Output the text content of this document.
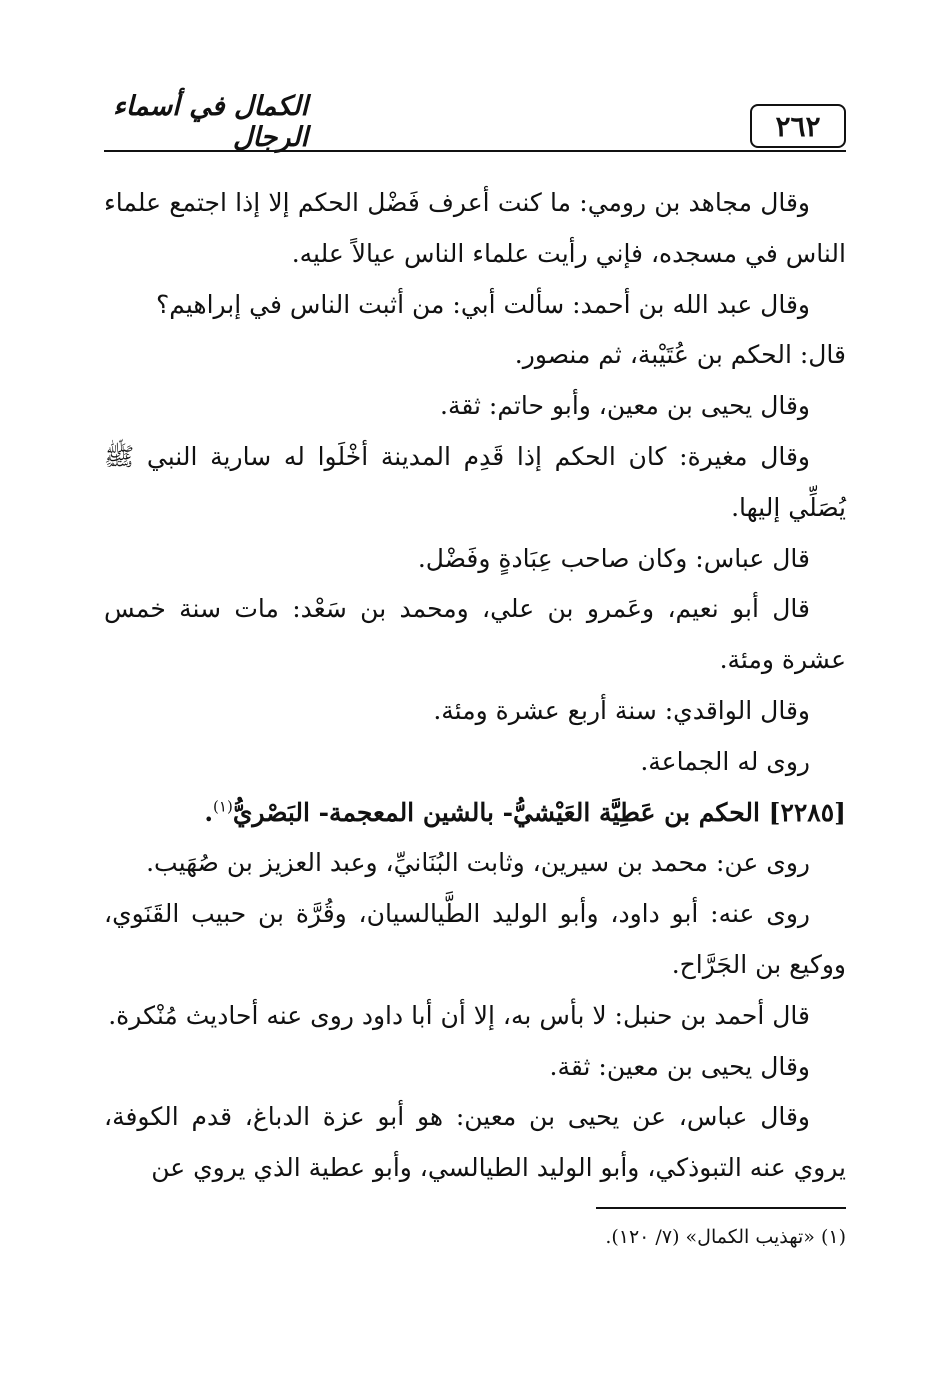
٢٦٢
الكمال في أسماء الرجال

وقال مجاهد بن رومي: ما كنت أعرف فَضْل الحكم إلا إذا اجتمع علماء الناس في مسجده، فإني رأيت علماء الناس عيالاً عليه.

وقال عبد الله بن أحمد: سألت أبي: من أثبت الناس في إبراهيم؟

قال: الحكم بن عُتَيْبة، ثم منصور.

وقال يحيى بن معين، وأبو حاتم: ثقة.

وقال مغيرة: كان الحكم إذا قَدِم المدينة أخْلَوا له سارية النبي ﷺ يُصَلِّي إليها.

قال عباس: وكان صاحب عِبَادةٍ وفَضْل.

قال أبو نعيم، وعَمرو بن علي، ومحمد بن سَعْد: مات سنة خمس عشرة ومئة.

وقال الواقدي: سنة أربع عشرة ومئة.

روى له الجماعة.

[٢٢٨٥] الحكم بن عَطِيَّة العَيْشيُّ- بالشين المعجمة- البَصْريُّ$^{(١)}$.

روى عن: محمد بن سيرين، وثابت البُنَانيِّ، وعبد العزيز بن صُهَيب.

روى عنه: أبو داود، وأبو الوليد الطَّيالسيان، وقُرَّة بن حبيب القَنَوي، ووكيع بن الجَرَّاح.

قال أحمد بن حنبل: لا بأس به، إلا أن أبا داود روى عنه أحاديث مُنْكرة.

وقال يحيى بن معين: ثقة.

وقال عباس، عن يحيى بن معين: هو أبو عزة الدباغ، قدم الكوفة، يروي عنه التبوذكي، وأبو الوليد الطيالسي، وأبو عطية الذي يروي عن

(١) «تهذيب الكمال» (٧/ ١٢٠).
